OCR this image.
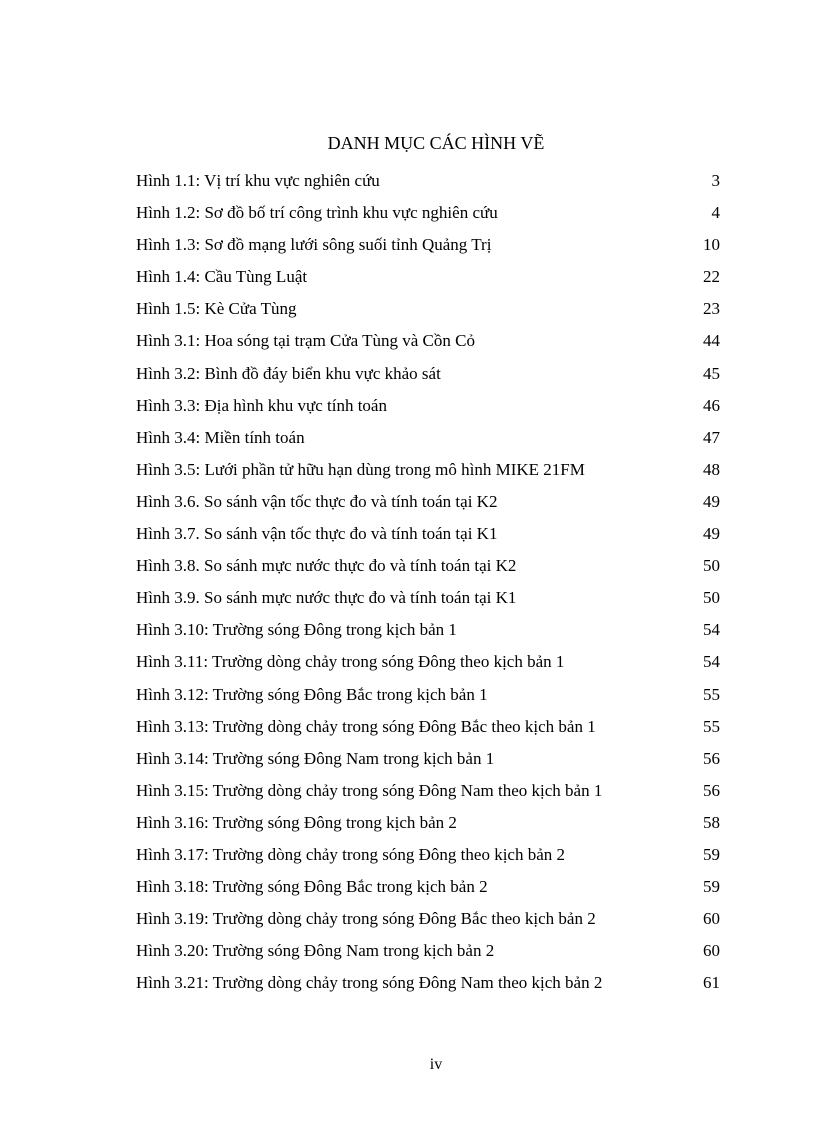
DANH MỤC CÁC HÌNH VẼ
Hình 1.1: Vị trí khu vực nghiên cứu	3
Hình 1.2: Sơ đồ bố trí công trình khu vực nghiên cứu	4
Hình 1.3: Sơ đồ mạng lưới sông suối tỉnh Quảng Trị	10
Hình 1.4: Cầu Tùng Luật	22
Hình 1.5: Kè Cửa Tùng	23
Hình 3.1: Hoa sóng tại trạm Cửa Tùng và Cồn Cỏ	44
Hình 3.2: Bình đồ đáy biển khu vực khảo sát	45
Hình 3.3: Địa hình khu vực tính toán	46
Hình 3.4: Miền tính toán	47
Hình 3.5: Lưới phần tử hữu hạn dùng trong mô hình MIKE 21FM	48
Hình 3.6. So sánh vận tốc thực đo và tính toán tại K2	49
Hình 3.7. So sánh vận tốc thực đo và tính toán tại K1	49
Hình 3.8. So sánh mực nước thực đo và tính toán tại K2	50
Hình 3.9. So sánh mực nước thực đo và tính toán tại K1	50
Hình 3.10: Trường sóng Đông trong kịch bản 1	54
Hình 3.11: Trường dòng chảy trong sóng Đông theo kịch bản 1	54
Hình 3.12: Trường sóng Đông Bắc trong kịch bản 1	55
Hình 3.13: Trường dòng chảy trong sóng Đông Bắc theo kịch bản 1	55
Hình 3.14: Trường sóng Đông Nam trong kịch bản 1	56
Hình 3.15: Trường dòng chảy trong sóng Đông Nam theo kịch bản 1	56
Hình 3.16: Trường sóng Đông trong kịch bản 2	58
Hình 3.17: Trường dòng chảy trong sóng Đông theo kịch bản 2	59
Hình 3.18: Trường sóng Đông Bắc trong kịch bản 2	59
Hình 3.19: Trường dòng chảy trong sóng Đông Bắc theo kịch bản 2	60
Hình 3.20: Trường sóng Đông Nam trong kịch bản 2	60
Hình 3.21: Trường dòng chảy trong sóng Đông Nam theo kịch bản 2	61
iv
